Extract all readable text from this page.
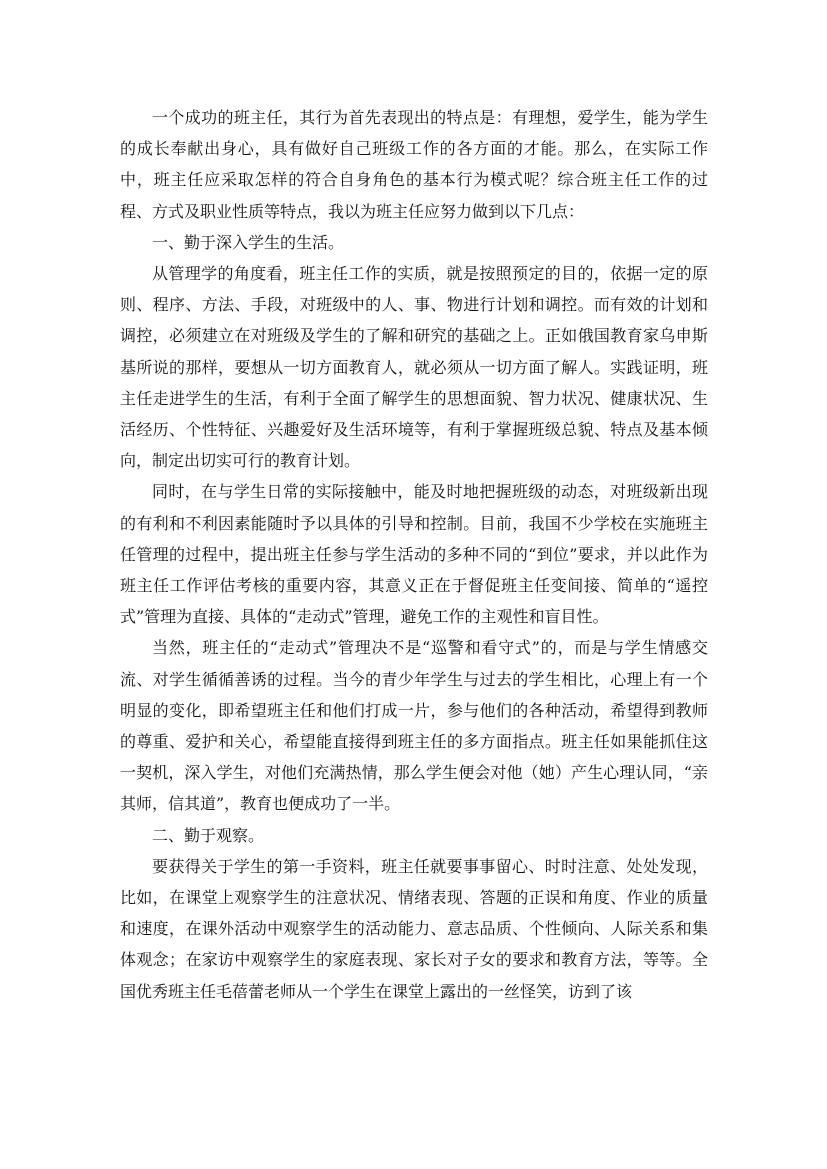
一个成功的班主任，其行为首先表现出的特点是：有理想，爱学生，能为学生的成长奉献出身心，具有做好自己班级工作的各方面的才能。那么，在实际工作中，班主任应采取怎样的符合自身角色的基本行为模式呢？综合班主任工作的过程、方式及职业性质等特点，我以为班主任应努力做到以下几点：

一、勤于深入学生的生活。

从管理学的角度看，班主任工作的实质，就是按照预定的目的，依据一定的原则、程序、方法、手段，对班级中的人、事、物进行计划和调控。而有效的计划和调控，必须建立在对班级及学生的了解和研究的基础之上。正如俄国教育家乌申斯基所说的那样，要想从一切方面教育人，就必须从一切方面了解人。实践证明，班主任走进学生的生活，有利于全面了解学生的思想面貌、智力状况、健康状况、生活经历、个性特征、兴趣爱好及生活环境等，有利于掌握班级总貌、特点及基本倾向，制定出切实可行的教育计划。

同时，在与学生日常的实际接触中，能及时地把握班级的动态，对班级新出现的有利和不利因素能随时予以具体的引导和控制。目前，我国不少学校在实施班主任管理的过程中，提出班主任参与学生活动的多种不同的“到位”要求，并以此作为班主任工作评估考核的重要内容，其意义正在于督促班主任变间接、简单的“遥控式”管理为直接、具体的“走动式”管理，避免工作的主观性和盲目性。

当然，班主任的“走动式”管理决不是“巡警和看守式”的，而是与学生情感交流、对学生循循善诱的过程。当今的青少年学生与过去的学生相比，心理上有一个明显的变化，即希望班主任和他们打成一片，参与他们的各种活动，希望得到教师的尊重、爱护和关心，希望能直接得到班主任的多方面指点。班主任如果能抓住这一契机，深入学生，对他们充满热情，那么学生便会对他（她）产生心理认同，“亲其师，信其道”，教育也便成功了一半。

二、勤于观察。

要获得关于学生的第一手资料，班主任就要事事留心、时时注意、处处发现，比如，在课堂上观察学生的注意状况、情绪表现、答题的正误和角度、作业的质量和速度，在课外活动中观察学生的活动能力、意志品质、个性倾向、人际关系和集体观念；在家访中观察学生的家庭表现、家长对子女的要求和教育方法，等等。全国优秀班主任毛蓓蕾老师从一个学生在课堂上露出的一丝怪笑，访到了该
